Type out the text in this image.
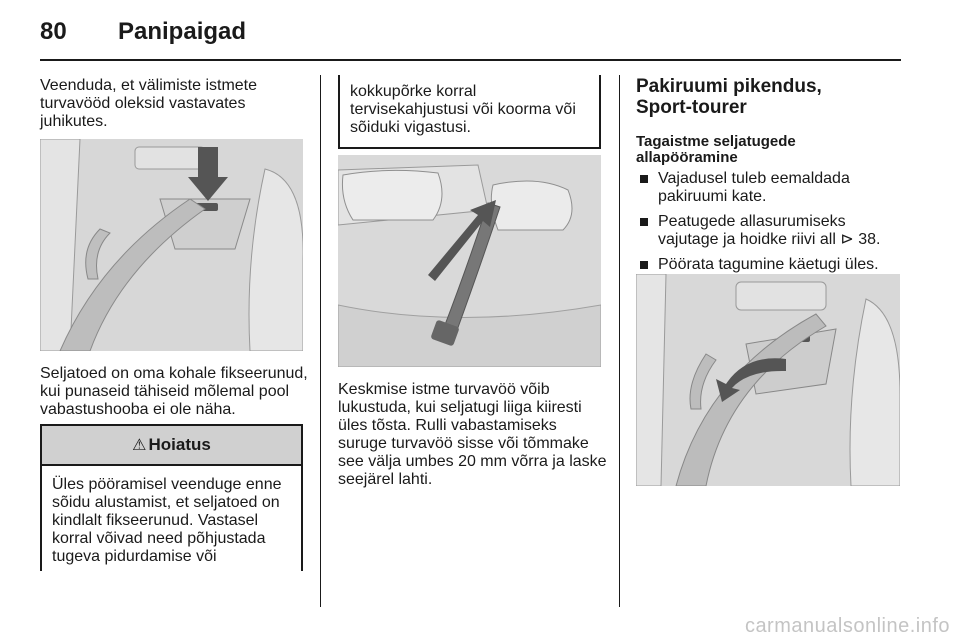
80 Panipaigad
Veenduda, et välimiste istmete
turvavööd oleksid vastavates
juhikutes.
Seljatoed on oma kohale fikseerunud,
kui punaseid tähiseid mõlemal pool
vabastushooba ei ole näha.
⚠ Hoiatus
Üles pööramisel veenduge enne
sõidu alustamist, et seljatoed on
kindlalt fikseerunud. Vastasel
korral võivad need põhjustada
tugeva pidurdamise või
kokkupõrke korral
tervisekahjustusi või koorma või
sõiduki vigastusi.
Keskmise istme turvavöö võib
lukustuda, kui seljatugi liiga kiiresti
üles tõsta. Rulli vabastamiseks
suruge turvavöö sisse või tõmmake
see välja umbes 20 mm võrra ja laske
seejärel lahti.
Pakiruumi pikendus,
Sport-tourer
Tagaistme seljatugede
allapööramine
Vajadusel tuleb eemaldada
pakiruumi kate.
Peatugede allasurumiseks
vajutage ja hoidke riivi all ⊳ 38.
Pöörata tagumine käetugi üles.
carmanualsonline.info
